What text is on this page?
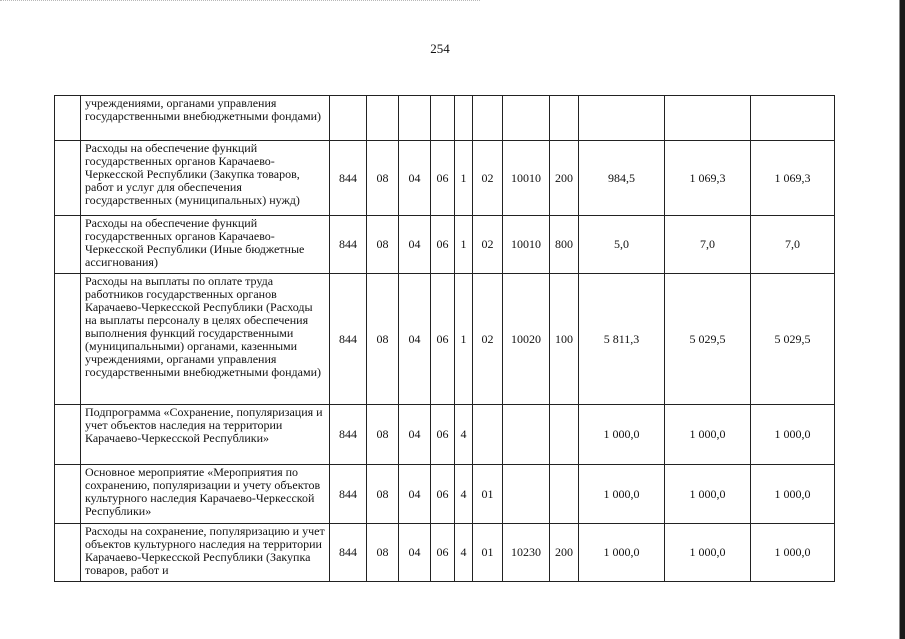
254
	учреждениями, органами управления государственными внебюджетными фондами)											
	Расходы на обеспечение функций государственных органов Карачаево-Черкесской Республики (Закупка товаров, работ и услуг для обеспечения государственных (муниципальных) нужд)	844	08	04	06	1	02	10010	200	984,5	1 069,3	1 069,3
	Расходы на обеспечение функций государственных органов Карачаево-Черкесской Республики (Иные бюджетные ассигнования)	844	08	04	06	1	02	10010	800	5,0	7,0	7,0
	Расходы на выплаты по оплате труда работников государственных органов Карачаево-Черкесской Республики (Расходы на выплаты персоналу в целях обеспечения выполнения функций государственными (муниципальными) органами, казенными учреждениями, органами управления государственными внебюджетными фондами)	844	08	04	06	1	02	10020	100	5 811,3	5 029,5	5 029,5
	Подпрограмма «Сохранение, популяризация и учет объектов наследия на территории Карачаево-Черкесской Республики»	844	08	04	06	4				1 000,0	1 000,0	1 000,0
	Основное мероприятие «Мероприятия по сохранению, популяризации и учету объектов культурного наследия Карачаево-Черкесской Республики»	844	08	04	06	4	01			1 000,0	1 000,0	1 000,0
	Расходы на сохранение, популяризацию и учет объектов культурного наследия на территории Карачаево-Черкесской Республики (Закупка товаров, работ и	844	08	04	06	4	01	10230	200	1 000,0	1 000,0	1 000,0
